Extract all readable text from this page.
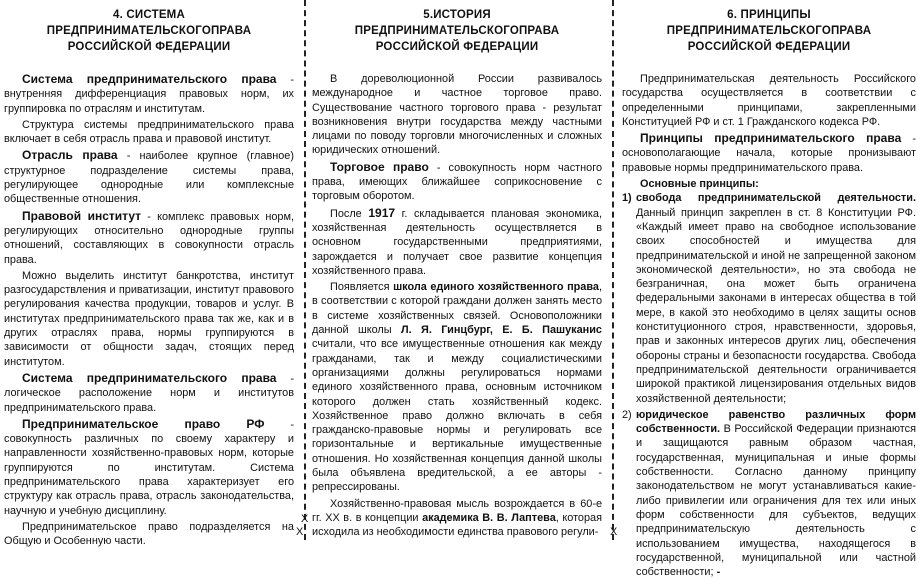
4. СИСТЕМА
ПРЕДПРИНИМАТЕЛЬСКОГОПРАВА
РОССИЙСКОЙ ФЕДЕРАЦИИ

Система предпринимательского права - внутренняя дифференциация правовых норм, их группировка по отраслям и институтам.

Структура системы предпринимательского права включает в себя отрасль права и правовой институт.

Отрасль права - наиболее крупное (главное) структурное подразделение системы права, регулирующее однородные или комплексные общественные отношения.

Правовой институт - комплекс правовых норм, регулирующих относительно однородные группы отношений, составляющих в совокупности отрасль права.

Можно выделить институт банкротства, институт разгосударствления и приватизации, институт правового регулирования качества продукции, товаров и услуг. В институтах предпринимательского права так же, как и в других отраслях права, нормы группируются в зависимости от общности задач, стоящих перед институтом.

Система предпринимательского права - логическое расположение норм и институтов предпринимательского права.

Предпринимательское право РФ - совокупность различных по своему характеру и направленности хозяйственно-правовых норм, которые группируются по институтам. Система предпринимательского права характеризует его структуру как отрасль права, отрасль законодательства, научную и учебную дисциплину.

Предпринимательское право подразделяется на Общую и Особенную части.

5.ИСТОРИЯ
ПРЕДПРИНИМАТЕЛЬСКОГОПРАВА
РОССИЙСКОЙ ФЕДЕРАЦИИ

В дореволюционной России развивалось международное и частное торговое право. Существование частного торгового права - результат возникновения внутри государства между частными лицами по поводу торговли многочисленных и сложных юридических отношений.

Торговое право - совокупность норм частного права, имеющих ближайшее соприкосновение с торговым оборотом.

После 1917 г. складывается плановая экономика, хозяйственная деятельность осуществляется в основном государственными предприятиями, зарождается и получает свое развитие концепция хозяйственного права.

Появляется школа единого хозяйственного права, в соответствии с которой граждани должен занять место в системе хозяйственных связей. Основоположники данной школы Л. Я. Гинцбург, Е. Б. Пашуканис считали, что все имущественные отношения как между гражданами, так и между социалистическими организациями должны регулироваться нормами единого хозяйственного права, основным источником которого должен стать хозяйственный кодекс. Хозяйственное право должно включать в себя гражданско-правовые нормы и регулировать все горизонтальные и вертикальные имущественные отношения. Но хозяйственная концепция данной школы была объявлена вредительской, а ее авторы - репрессированы.

Хозяйственно-правовая мысль возрождается в 60-е гг. XX в. в концепции академика В. В. Лаптева, которая исходила из необходимости единства правового регули-

Х
Х	Х
6. ПРИНЦИПЫ
ПРЕДПРИНИМАТЕЛЬСКОГОПРАВА
РОССИЙСКОЙ ФЕДЕРАЦИИ

Предпринимательская деятельность Российского государства осуществляется в соответствии с определенными принципами, закрепленными Конституцией РФ и ст. 1 Гражданского кодекса РФ.

Принципы предпринимательского права - основополагающие начала, которые пронизывают правовые нормы предпринимательского права.

Основные принципы:

1) свобода предпринимательской деятельности. Данный принцип закреплен в ст. 8 Конституции РФ. «Каждый имеет право на свободное использование своих способностей и имущества для предпринимательской и иной не запрещенной законом экономической деятельности», но эта свобода не безграничная, она может быть ограничена федеральными законами в интересах общества в той мере, в какой это необходимо в целях защиты основ конституционного строя, нравственности, здоровья, прав и законных интересов других лиц, обеспечения обороны страны и безопасности государства. Свобода предпринимательской деятельности ограничивается широкой практикой лицензирования отдельных видов хозяйственной деятельности;

2) юридическое равенство различных форм собственности. В Российской Федерации признаются и защищаются равным образом частная, государственная, муниципальная и иные формы собственности. Согласно данному принципу законодательством не могут устанавливаться какие-либо привилегии или ограничения для тех или иных форм собственности для субъектов, ведущих предпринимательскую деятельность с использованием имущества, находящегося в государственной, муниципальной или частной собственности; -
